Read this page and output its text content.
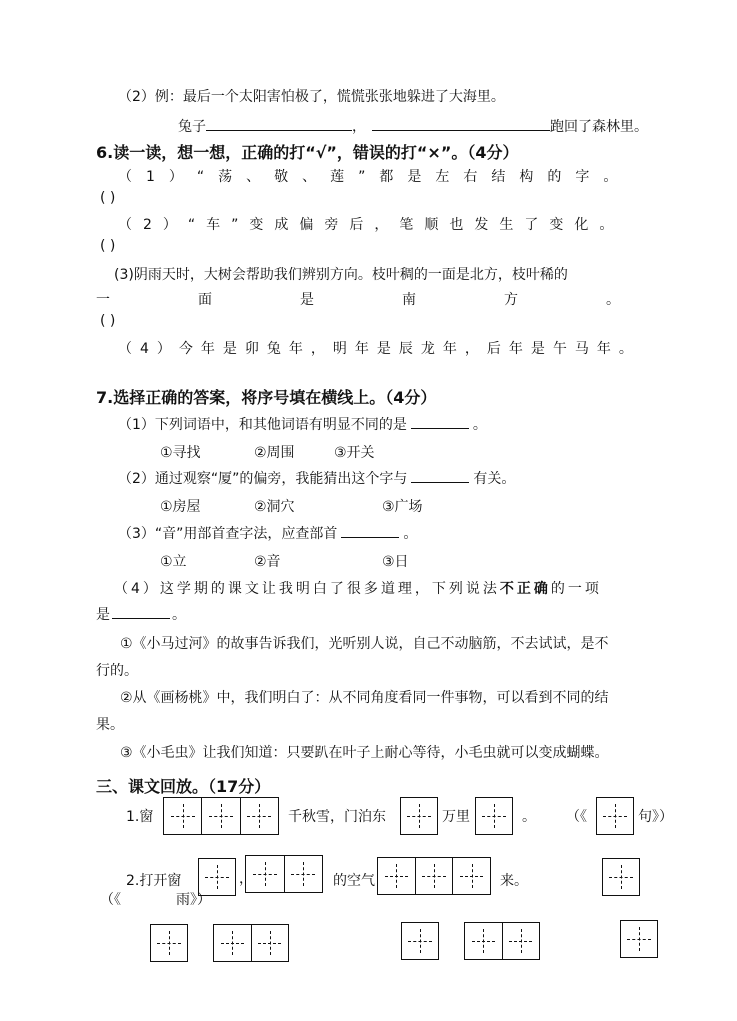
（2）例：最后一个太阳害怕极了，慌慌张张地躲进了大海里。
兔子	，	跑回了森林里。
6.读一读，想一想，正确的打“√”，错误的打“×”。（4分）
（1）“荡、敬、莲”都是左右结构的字。
( )
（2）“车”变成偏旁后，笔顺也发生了变化。
( )
(3)阴雨天时，大树会帮助我们辨别方向。枝叶稠的一面是北方，枝叶稀的
一面是南方。
( )
（4）今年是卯兔年，明年是辰龙年，后年是午马年。
7.选择正确的答案，将序号填在横线上。（4分）
（1）下列词语中，和其他词语有明显不同的是	。
①寻找	②周围	③开关
（2）通过观察“厦”的偏旁，我能猜出这个字与	有关。
①房屋	②洞穴	③广场
（3）“音”用部首查字法，应查部首	。
①立	②音	③日
（4）这学期的课文让我明白了很多道理，下列说法不正确的一项
是	。
①《小马过河》的故事告诉我们，光听别人说，自己不动脑筋，不去试试，是不
行的。
②从《画杨桃》中，我们明白了：从不同角度看同一件事物，可以看到不同的结
果。
③《小毛虫》让我们知道：只要趴在叶子上耐心等待，小毛虫就可以变成蝴蝶。
三、课文回放。（17分）
1.窗	千秋雪，门泊东	万里	。 （《	句》）
2.打开窗	，	的空气	来。
（《	雨》）
